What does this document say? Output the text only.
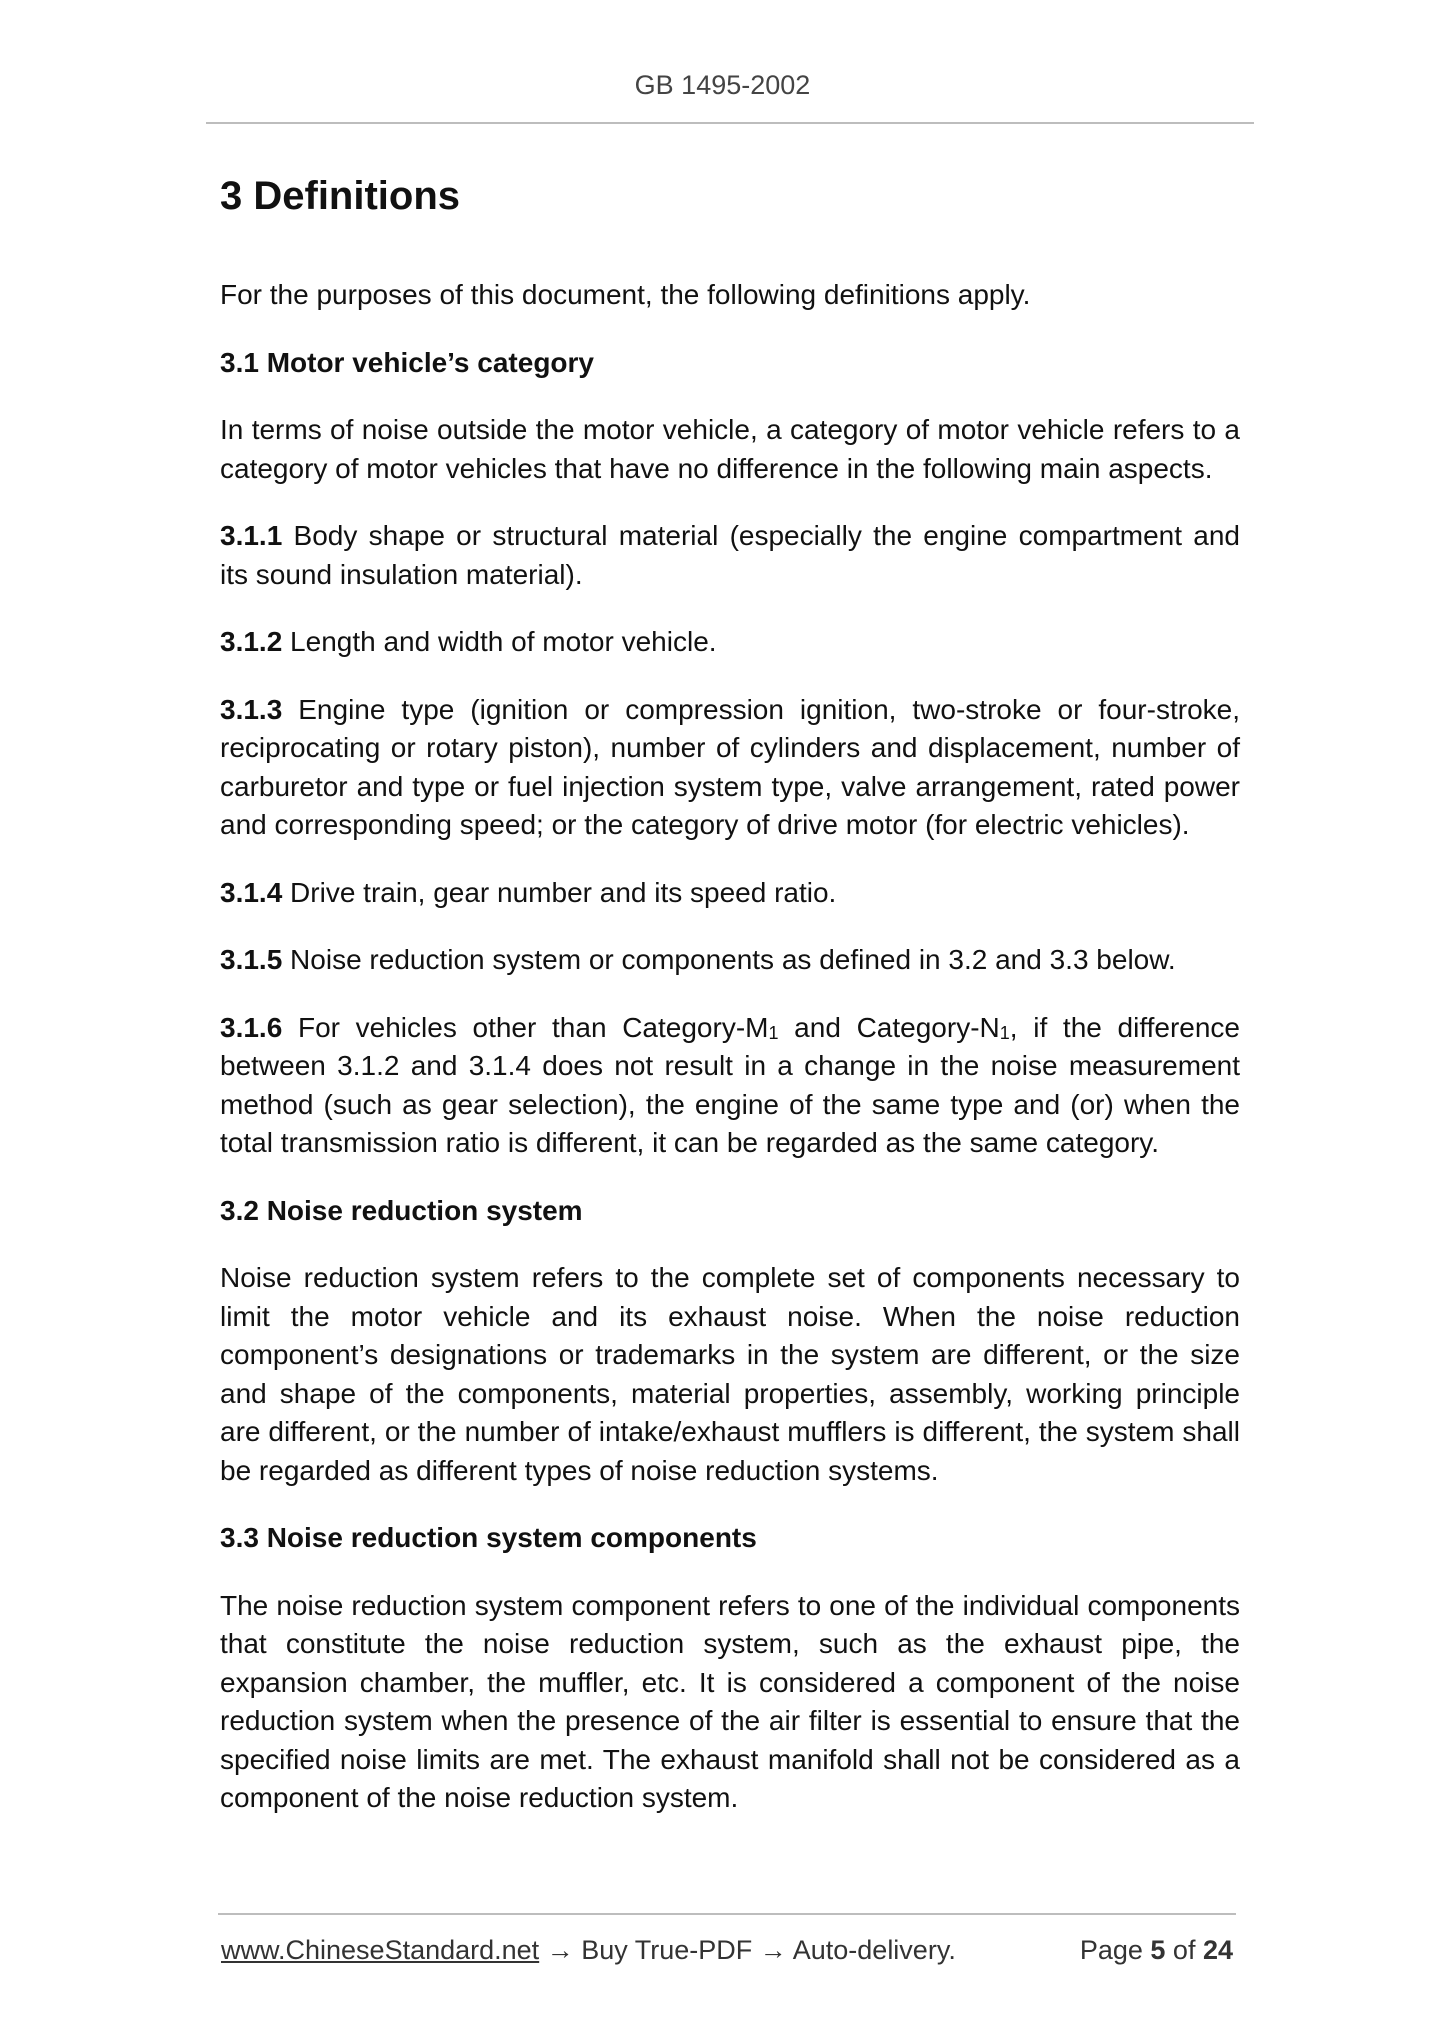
GB 1495-2002
3 Definitions

For the purposes of this document, the following definitions apply.

3.1 Motor vehicle’s category

In terms of noise outside the motor vehicle, a category of motor vehicle refers to a category of motor vehicles that have no difference in the following main aspects.

3.1.1 Body shape or structural material (especially the engine compartment and its sound insulation material).

3.1.2 Length and width of motor vehicle.

3.1.3 Engine type (ignition or compression ignition, two-stroke or four-stroke, reciprocating or rotary piston), number of cylinders and displacement, number of carburetor and type or fuel injection system type, valve arrangement, rated power and corresponding speed; or the category of drive motor (for electric vehicles).

3.1.4 Drive train, gear number and its speed ratio.

3.1.5 Noise reduction system or components as defined in 3.2 and 3.3 below.

3.1.6 For vehicles other than Category-$M_1$ and Category-$N_1$, if the difference between 3.1.2 and 3.1.4 does not result in a change in the noise measurement method (such as gear selection), the engine of the same type and (or) when the total transmission ratio is different, it can be regarded as the same category.

3.2 Noise reduction system

Noise reduction system refers to the complete set of components necessary to limit the motor vehicle and its exhaust noise. When the noise reduction component’s designations or trademarks in the system are different, or the size and shape of the components, material properties, assembly, working principle are different, or the number of intake/exhaust mufflers is different, the system shall be regarded as different types of noise reduction systems.

3.3 Noise reduction system components

The noise reduction system component refers to one of the individual components that constitute the noise reduction system, such as the exhaust pipe, the expansion chamber, the muffler, etc. It is considered a component of the noise reduction system when the presence of the air filter is essential to ensure that the specified noise limits are met. The exhaust manifold shall not be considered as a component of the noise reduction system.

www.ChineseStandard.net → Buy True-PDF → Auto-delivery.	Page 5 of 24
